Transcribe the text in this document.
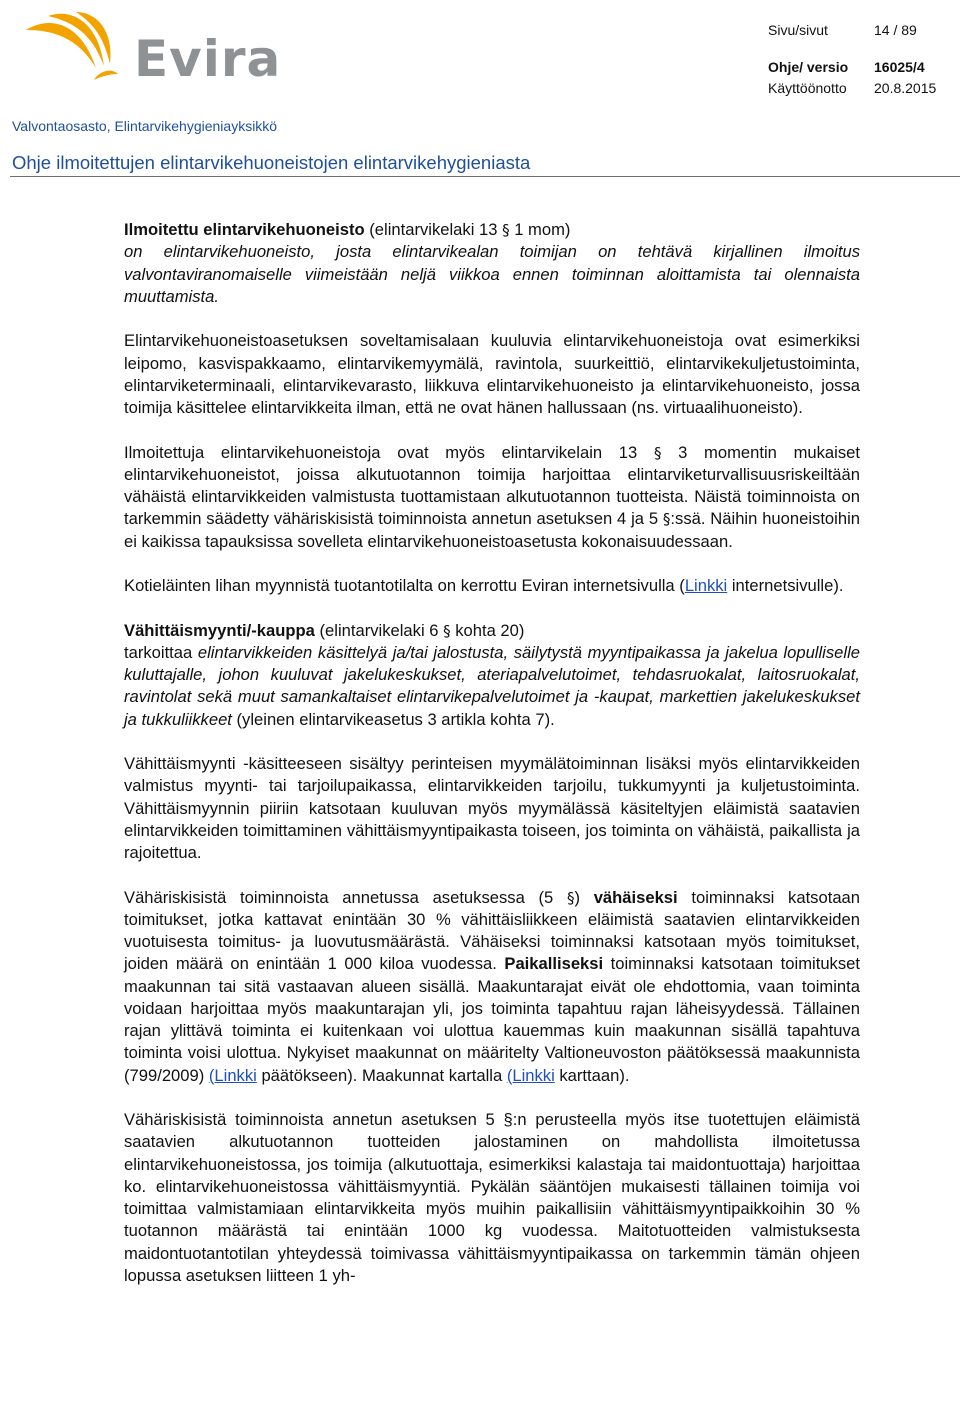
Evira	Sivu/sivut	14 / 89
Ohje/ versio 16025/4
Käyttöönotto 20.8.2015
Valvontaosasto, Elintarvikehygieniayksikkö
Ohje ilmoitettujen elintarvikehuoneistojen elintarvikehygieniasta

Ilmoitettu elintarvikehuoneisto (elintarvikelaki 13 § 1 mom)
on elintarvikehuoneisto, josta elintarvikealan toimijan on tehtävä kirjallinen ilmoitus valvontaviranomaiselle viimeistään neljä viikkoa ennen toiminnan aloittamista tai olennaista muuttamista.

Elintarvikehuoneistoasetuksen soveltamisalaan kuuluvia elintarvikehuoneistoja ovat esimerkiksi leipomo, kasvispakkaamo, elintarvikemyymälä, ravintola, suurkeittiö, elintarvikekuljetustoiminta, elintarviketerminaali, elintarvikevarasto, liikkuva elintarvikehuoneisto ja elintarvikehuoneisto, jossa toimija käsittelee elintarvikkeita ilman, että ne ovat hänen hallussaan (ns. virtuaalihuoneisto).

Ilmoitettuja elintarvikehuoneistoja ovat myös elintarvikelain 13 § 3 momentin mukaiset elintarvikehuoneistot, joissa alkutuotannon toimija harjoittaa elintarviketurvallisuusriskeiltään vähäistä elintarvikkeiden valmistusta tuottamistaan alkutuotannon tuotteista. Näistä toiminnoista on tarkemmin säädetty vähäriskisistä toiminnoista annetun asetuksen 4 ja 5 §:ssä. Näihin huoneistoihin ei kaikissa tapauksissa sovelleta elintarvikehuoneistoasetusta kokonaisuudessaan.

Kotieläinten lihan myynnistä tuotantotilalta on kerrottu Eviran internetsivulla (Linkki internetsivulle).

Vähittäismyynti/-kauppa (elintarvikelaki 6 § kohta 20)
tarkoittaa elintarvikkeiden käsittelyä ja/tai jalostusta, säilytystä myyntipaikassa ja jakelua lopulliselle kuluttajalle, johon kuuluvat jakelukeskukset, ateriapalvelutoimet, tehdasruokalat, laitosruokalat, ravintolat sekä muut samankaltaiset elintarvikepalvelutoimet ja -kaupat, markettien jakelukeskukset ja tukkuliikkeet (yleinen elintarvikeasetus 3 artikla kohta 7).

Vähittäismyynti -käsitteeseen sisältyy perinteisen myymälätoiminnan lisäksi myös elintarvikkeiden valmistus myynti- tai tarjoilupaikassa, elintarvikkeiden tarjoilu, tukkumyynti ja kuljetustoiminta. Vähittäismyynnin piiriin katsotaan kuuluvan myös myymälässä käsiteltyjen eläimistä saatavien elintarvikkeiden toimittaminen vähittäismyyntipaikasta toiseen, jos toiminta on vähäistä, paikallista ja rajoitettua.

Vähäriskisistä toiminnoista annetussa asetuksessa (5 §) vähäiseksi toiminnaksi katsotaan toimitukset, jotka kattavat enintään 30 % vähittäisliikkeen eläimistä saatavien elintarvikkeiden vuotuisesta toimitus- ja luovutusmäärästä. Vähäiseksi toiminnaksi katsotaan myös toimitukset, joiden määrä on enintään 1 000 kiloa vuodessa. Paikalliseksi toiminnaksi katsotaan toimitukset maakunnan tai sitä vastaavan alueen sisällä. Maakuntarajat eivät ole ehdottomia, vaan toiminta voidaan harjoittaa myös maakuntarajan yli, jos toiminta tapahtuu rajan läheisyydessä. Tällainen rajan ylittävä toiminta ei kuitenkaan voi ulottua kauemmas kuin maakunnan sisällä tapahtuva toiminta voisi ulottua. Nykyiset maakunnat on määritelty Valtioneuvoston päätöksessä maakunnista (799/2009) (Linkki päätökseen). Maakunnat kartalla (Linkki karttaan).

Vähäriskisistä toiminnoista annetun asetuksen 5 §:n perusteella myös itse tuotettujen eläimistä saatavien alkutuotannon tuotteiden jalostaminen on mahdollista ilmoitetussa elintarvikehuoneistossa, jos toimija (alkutuottaja, esimerkiksi kalastaja tai maidontuottaja) harjoittaa ko. elintarvikehuoneistossa vähittäismyyntiä. Pykälän sääntöjen mukaisesti tällainen toimija voi toimittaa valmistamiaan elintarvikkeita myös muihin paikallisiin vähittäismyyntipaikkoihin 30 % tuotannon määrästä tai enintään 1000 kg vuodessa. Maitotuotteiden valmistuksesta maidontuotantotilan yhteydessä toimivassa vähittäismyyntipaikassa on tarkemmin tämän ohjeen lopussa asetuksen liitteen 1 yh-
